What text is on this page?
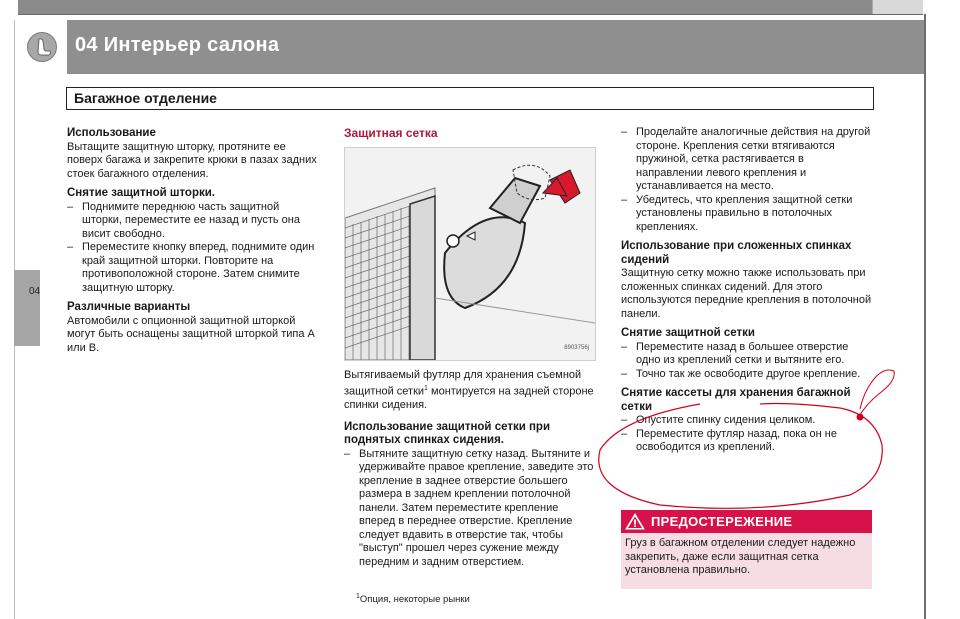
04 Интерьер салона
Багажное отделение
04

Использование

Вытащите защитную шторку, протяните ее поверх багажа и закрепите крюки в пазах задних стоек багажного отделения.

Снятие защитной шторки.

– Поднимите переднюю часть защитной шторки, переместите ее назад и пусть она висит свободно.

– Переместите кнопку вперед, поднимите один край защитной шторки. Повторите на противоположной стороне. Затем снимите защитную шторку.

Различные варианты

Автомобили с опционной защитной шторкой могут быть оснащены защитной шторкой типа А или В.

Защитная сетка
8903756j

Вытягиваемый футляр для хранения съемной защитной сетки$^1$ монтируется на задней стороне спинки сидения.

Использование защитной сетки при поднятых спинках сидения.

– Вытяните защитную сетку назад. Вытяните и удерживайте правое крепление, заведите это крепление в заднее отверстие большего размера в заднем креплении потолочной панели. Затем переместите крепление вперед в переднее отверстие. Крепление следует вдавить в отверстие так, чтобы "выступ" прошел через сужение между передним и задним отверстием.

– Проделайте аналогичные действия на другой стороне. Крепления сетки втягиваются пружиной, сетка растягивается в направлении левого крепления и устанавливается на место.

– Убедитесь, что крепления защитной сетки установлены правильно в потолочных креплениях.

Использование при сложенных спинках сидений

Защитную сетку можно также использовать при сложенных спинках сидений. Для этого используются передние крепления в потолочной панели.

Снятие защитной сетки

– Переместите назад в большее отверстие одно из креплений сетки и вытяните его.

– Точно так же освободите другое крепление.

Снятие кассеты для хранения багажной сетки

– Опустите спинку сидения целиком.

– Переместите футляр назад, пока он не освободится из креплений.

ПРЕДОСТЕРЕЖЕНИЕ
Груз в багажном отделении следует надежно закрепить, даже если защитная сетка установлена правильно.
$^1$Опция, некоторые рынки
